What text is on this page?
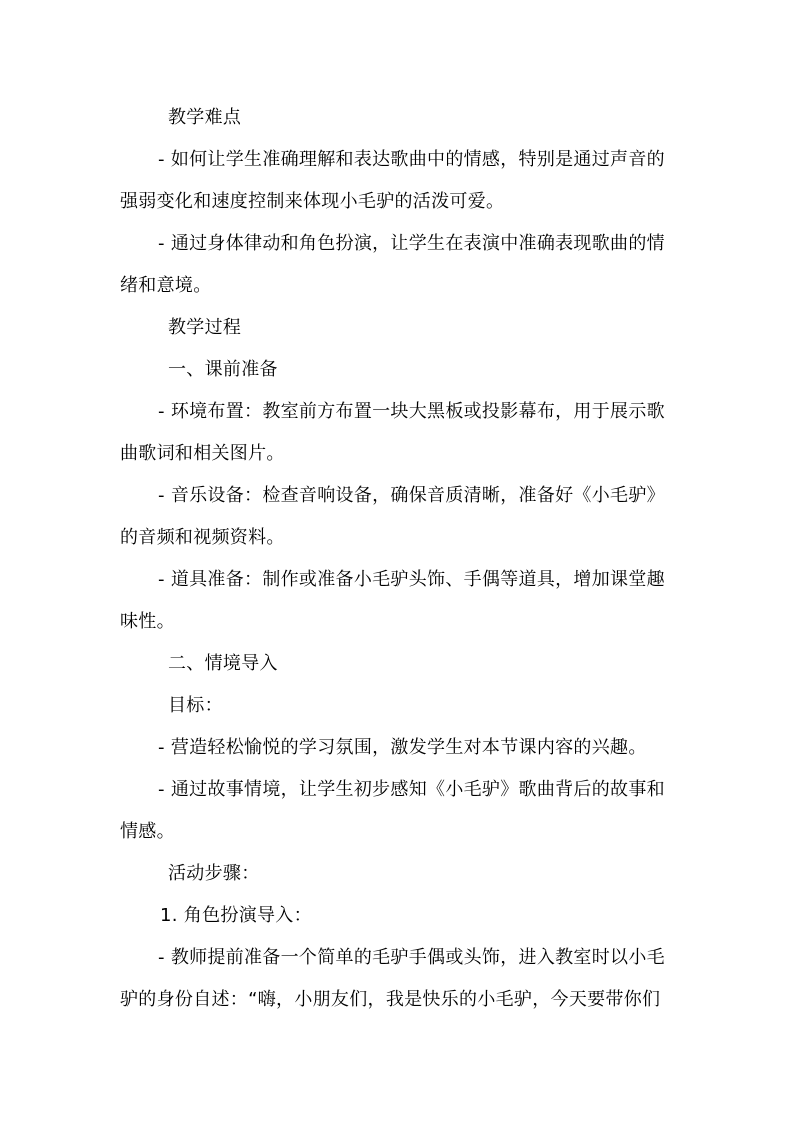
教学难点
- 如何让学生准确理解和表达歌曲中的情感，特别是通过声音的
强弱变化和速度控制来体现小毛驴的活泼可爱。
- 通过身体律动和角色扮演，让学生在表演中准确表现歌曲的情
绪和意境。
教学过程
一、课前准备
- 环境布置：教室前方布置一块大黑板或投影幕布，用于展示歌
曲歌词和相关图片。
- 音乐设备：检查音响设备，确保音质清晰，准备好《小毛驴》
的音频和视频资料。
- 道具准备：制作或准备小毛驴头饰、手偶等道具，增加课堂趣
味性。
二、情境导入
目标：
- 营造轻松愉悦的学习氛围，激发学生对本节课内容的兴趣。
- 通过故事情境，让学生初步感知《小毛驴》歌曲背后的故事和
情感。
活动步骤：
1. 角色扮演导入：
- 教师提前准备一个简单的毛驴手偶或头饰，进入教室时以小毛
驴的身份自述：“嗨，小朋友们，我是快乐的小毛驴，今天要带你们
